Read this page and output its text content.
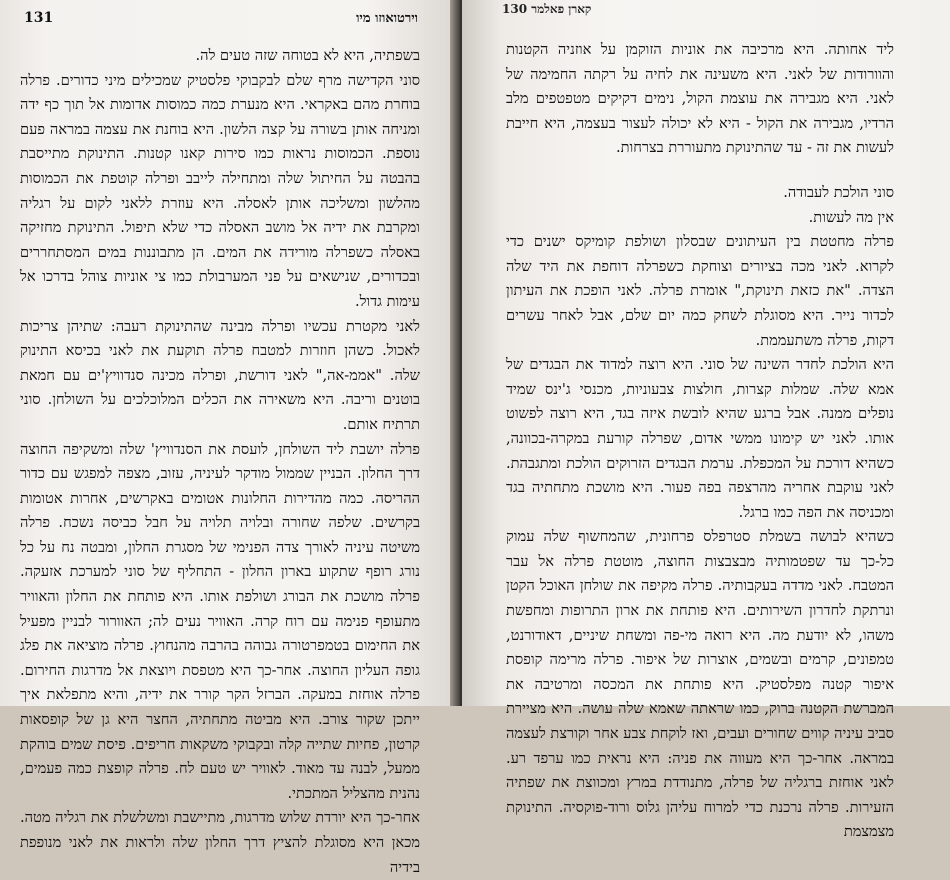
וירטואוזו מיו
131

בשפתיה, היא לא בטוחה שזה טעים לה.

סוני הקדישה מרף שלם לבקבוקי פלסטיק שמכילים מיני כדורים. פרלה בוחרת מהם באקראי. היא מנערת כמה כמוסות אדומות אל תוך כף ידה ומניחה אותן בשורה על קצה הלשון. היא בוחנת את עצמה במראה פעם נוספת. הכמוסות נראות כמו סירות קאנו קטנות. התינוקת מתייסבת בהבטה על החיתול שלה ומתחילה לייבב ופרלה קוטפת את הכמוסות מהלשון ומשליכה אותן לאסלה. היא עוזרת ללאני לקום על רגליה ומקרבת את ידיה אל מושב האסלה כדי שלא תיפול. התינוקת מחזיקה באסלה כשפרלה מורידה את המים. הן מתבוננות במים המסתחררים ובכדורים, שנישאים על פני המערבולת כמו צי אוניות צוהל בדרכו אל עימות גדול.

לאני מקטרת עכשיו ופרלה מבינה שהתינוקת רעבה: שתיהן צריכות לאכול. כשהן חוזרות למטבח פרלה תוקעת את לאני בכיסא התינוק שלה. "אממ-אה," לאני דורשת, ופרלה מכינה סנדוויץ'ים עם חמאת בוטנים וריבה. היא משאירה את הכלים המלוכלכים על השולחן. סוני תרתיח אותם.

פרלה יושבת ליד השולחן, לועסת את הסנדוויץ' שלה ומשקיפה החוצה דרך החלון. הבניין שממול מודקר לעיניה, עזוב, מצפה למפגש עם כדור ההריסה. כמה מהדירות החלונות אטומים באקרשים, אחרות אטומות בקרשים. שלפה שחורה ובלויה תלויה על חבל כביסה נשכח. פרלה משיטה עיניה לאורך צדה הפנימי של מסגרת החלון, ומבטה נח על כל נורג רופף שתקוע בארון החלון - התחליף של סוני למערכת אזעקה. פרלה מושכת את הבורג ושולפת אותו. היא פותחת את החלון והאוויר מתעופף פנימה עם רוח קרה. האוויר נעים לה; האוורור לבניין מפעיל את החימום בטמפרטורה גבוהה בהרבה מהנחוץ. פרלה מוציאה את פלג גופה העליון החוצה. אחר-כך היא מטפסת ויוצאת אל מדרגות החירום. פרלה אוחזת במעקה. הברזל הקר קורר את ידיה, והיא מתפלאת איך ייתכן שקור צורב. היא מביטה מתחתיה, החצר היא גן של קופסאות קרטון, פחיות שתייה קלה ובקבוקי משקאות חריפים. פיסת שמים בוהקת ממעל, לבנה עד מאוד. לאוויר יש טעם לח. פרלה קופצת כמה פעמים, נהנית מהצליל המתכתי.

אחר-כך היא יורדת שלוש מדרגות, מתיישבת ומשלשלת את רגליה מטה. מכאן היא מסוגלת להציץ דרך החלון שלה ולראות את לאני מנופפת בידיה

קארן פאלמר 130

ליד אחותה. היא מרכיבה את אוניות הזוקמן על אוזניה הקטנות והוורודות של לאני. היא משעינה את לחיה על רקתה החמימה של לאני. היא מגבירה את עוצמת הקול, נימים דקיקים מטפטפים מלב הרדיו, מגבירה את הקול - היא לא יכולה לעצור בעצמה, היא חייבת לעשות את זה - עד שהתינוקת מתעוררת בצרחות.

סוני הולכת לעבודה.

אין מה לעשות.

פרלה מחטטת בין העיתונים שבסלון ושולפת קומיקס ישנים כדי לקרוא. לאני מכה בציורים וצוחקת כשפרלה דוחפת את היד שלה הצדה. "את כזאת תינוקת," אומרת פרלה. לאני הופכת את העיתון לכדור נייר. היא מסוגלת לשחק כמה יום שלם, אבל לאחר עשרים דקות, פרלה משתעממת.

היא הולכת לחדר השינה של סוני. היא רוצה למדוד את הבגדים של אמא שלה. שמלות קצרות, חולצות צבעוניות, מכנסי ג'ינס שמיד נופלים ממנה. אבל ברגע שהיא לובשת איזה בגד, היא רוצה לפשוט אותו. לאני יש קימונו ממשי אדום, שפרלה קורעת במקרה-בכוונה, כשהיא דורכת על המכפלת. ערמת הבגדים הזרוקים הולכת ומתגבהת. לאני עוקבת אחריה מהרצפה בפה פעור. היא מושכת מתחתיה בגד ומכניסה את הפה כמו ברגל.

כשהיא לבושה בשמלת סטרפלס פרחונית, שהמחשוף שלה עמוק כל-כך עד שפטמותיה מבצבצות החוצה, מוטטת פרלה אל עבר המטבח. לאני מדדה בעקבותיה. פרלה מקיפה את שולחן האוכל הקטן ונרתקת לחדרון השירותים. היא פותחת את ארון התרופות ומחפשת משהו, לא יודעת מה. היא רואה מי-פה ומשחת שיניים, דאודורנט, טמפונים, קרמים ובשמים, אוצרות של איפור. פרלה מרימה קופסת איפור קטנה מפלסטיק. היא פותחת את המכסה ומרטיבה את המברשת הקטנה ברוק, כמו שראתה שאמא שלה עושה. היא מציירת סביב עיניה קווים שחורים ועבים, ואז לוקחת צבע אחר וקורצת לעצמה במראה. אחר-כך היא מעווה את פניה: היא נראית כמו ערפד רע. לאני אוחזת ברגליה של פרלה, מתנודדת במרץ ומכווצת את שפתיה הזעירות. פרלה נרכנת כדי למרוח עליהן גלוס ורוד-פוקסיה. התינוקת מצמצמת
